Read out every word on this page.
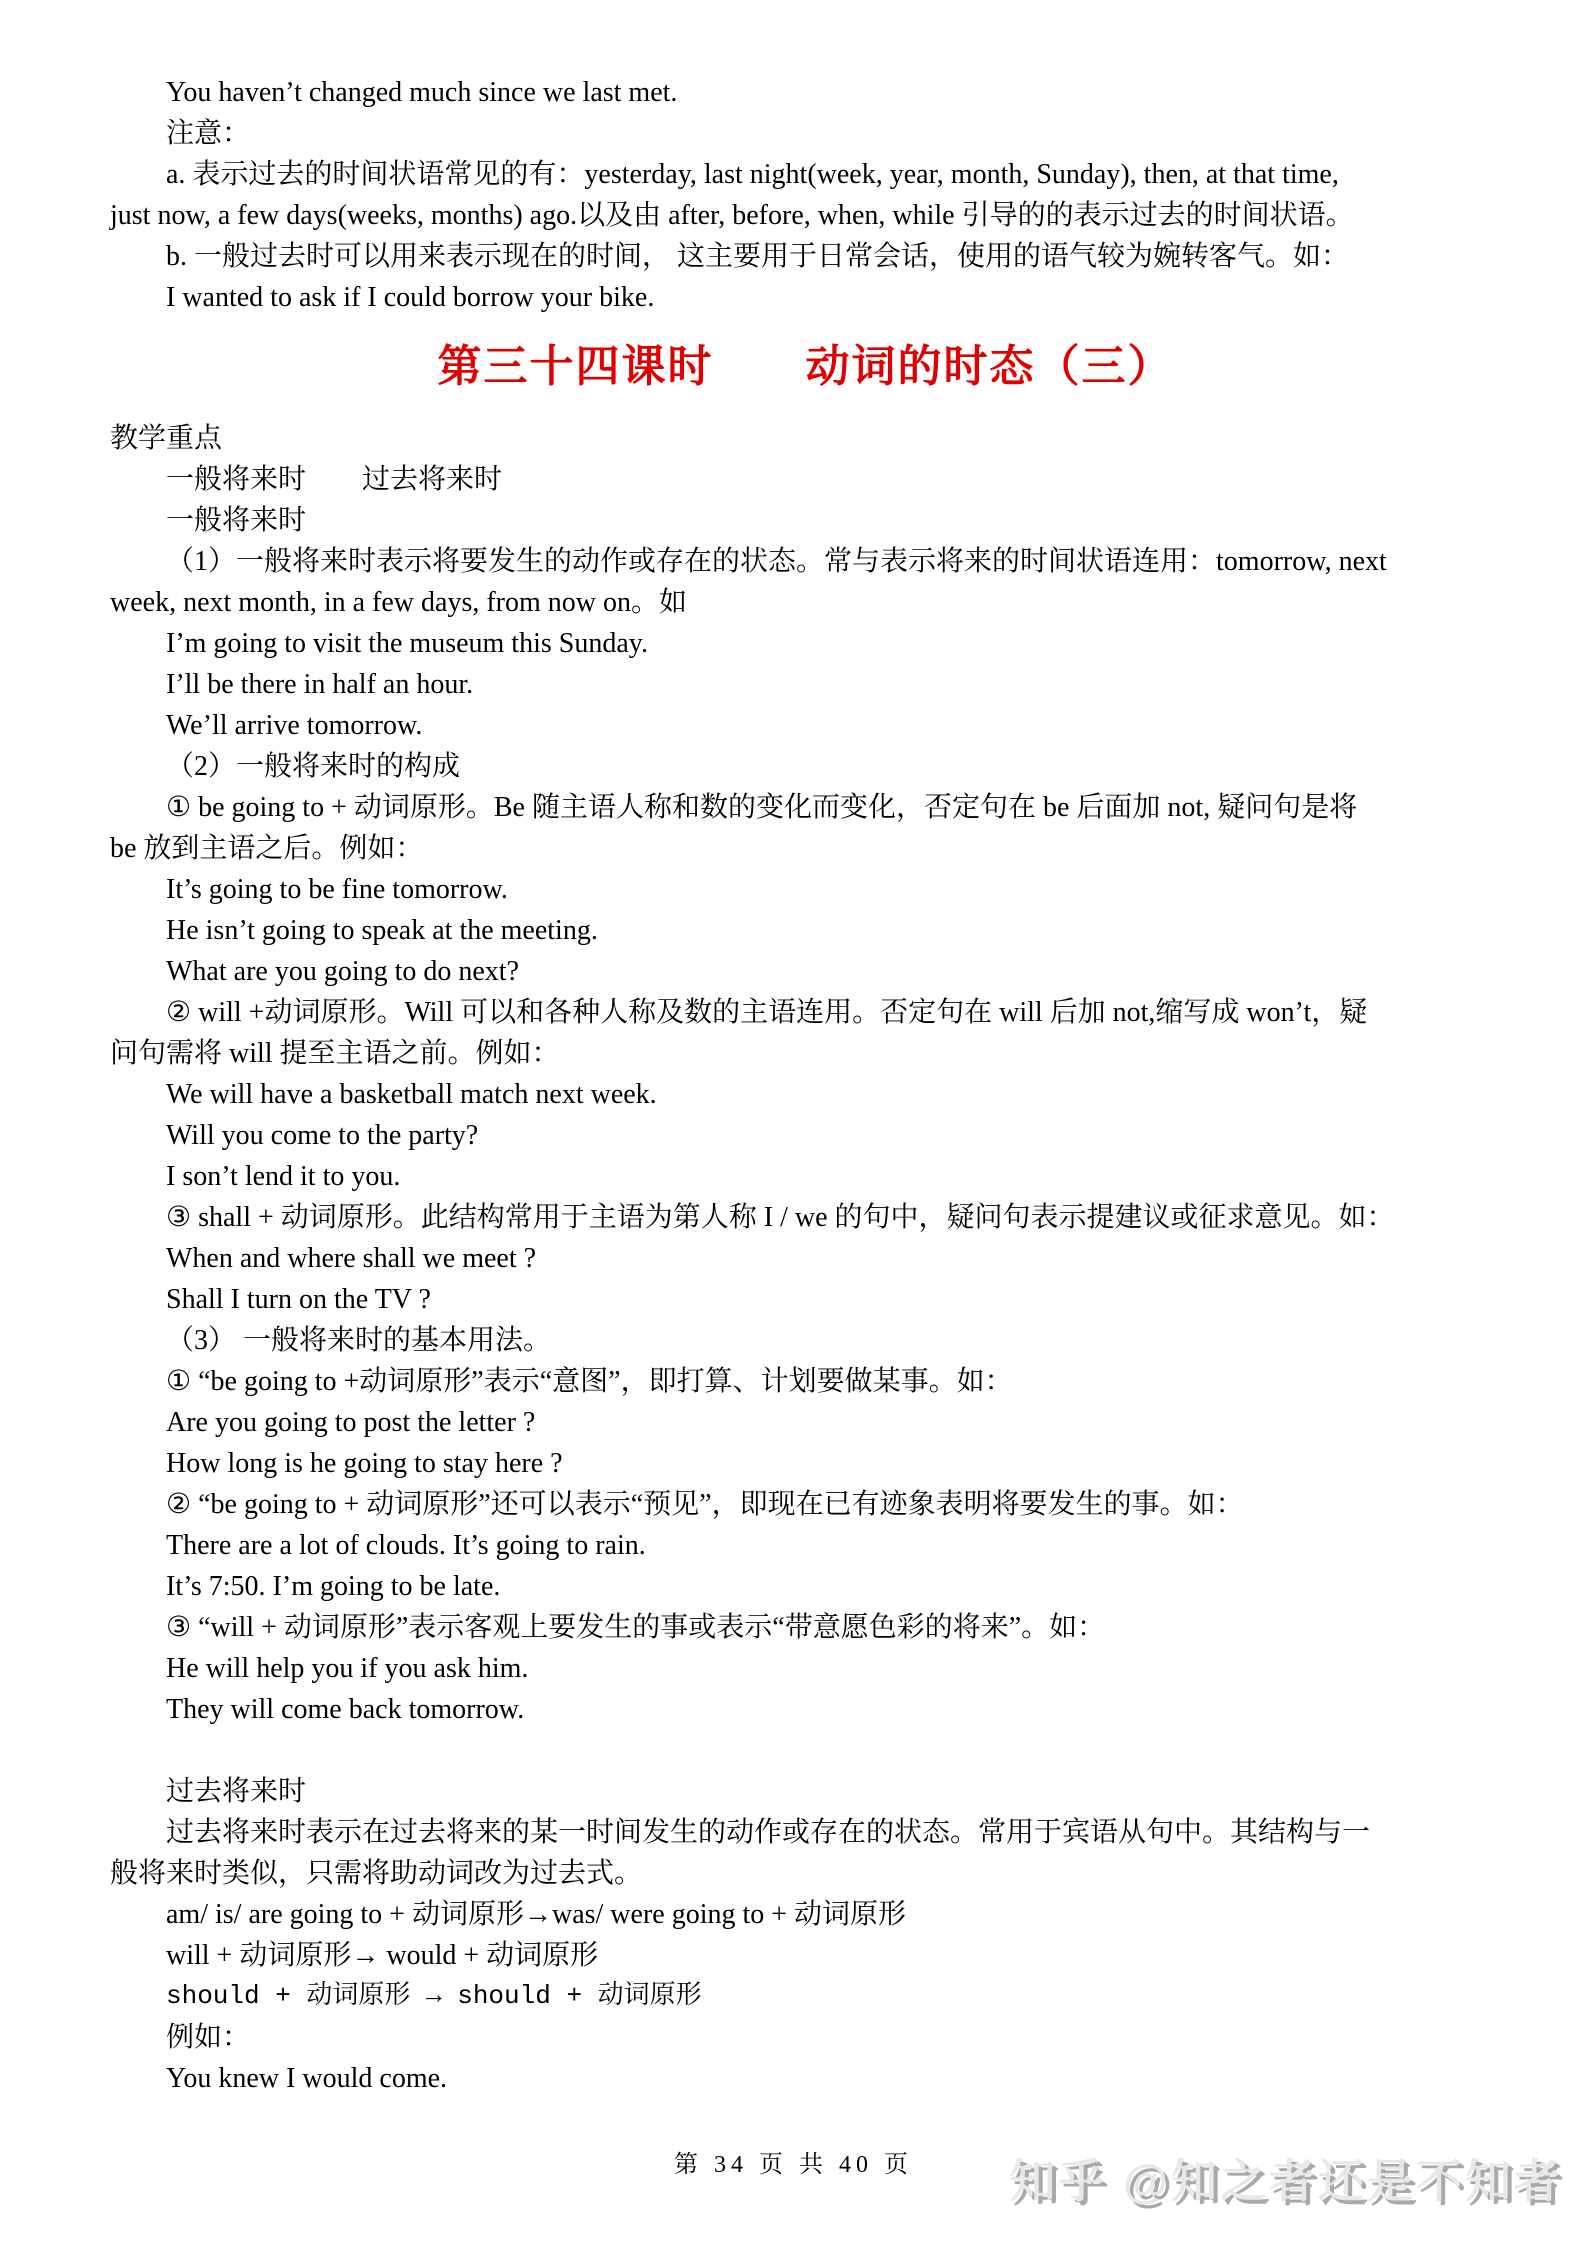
You haven’t changed much since we last met.
注意：
a. 表示过去的时间状语常见的有：yesterday, last night(week, year, month, Sunday), then, at that time,
just now, a few days(weeks, months) ago.以及由 after, before, when, while 引导的的表示过去的时间状语。
b. 一般过去时可以用来表示现在的时间， 这主要用于日常会话，使用的语气较为婉转客气。如：
I wanted to ask if I could borrow your bike.
第三十四课时　　动词的时态（三）
教学重点
一般将来时　　过去将来时
一般将来时
（1）一般将来时表示将要发生的动作或存在的状态。常与表示将来的时间状语连用：tomorrow, next
week, next month, in a few days, from now on。如
I’m going to visit the museum this Sunday.
I’ll be there in half an hour.
We’ll arrive tomorrow.
（2）一般将来时的构成
① be going to + 动词原形。Be 随主语人称和数的变化而变化，否定句在 be 后面加 not, 疑问句是将
be 放到主语之后。例如：
It’s going to be fine tomorrow.
He isn’t going to speak at the meeting.
What are you going to do next?
② will +动词原形。Will 可以和各种人称及数的主语连用。否定句在 will 后加 not,缩写成 won’t，疑
问句需将 will 提至主语之前。例如：
We will have a basketball match next week.
Will you come to the party?
I son’t lend it to you.
③ shall + 动词原形。此结构常用于主语为第人称 I / we 的句中，疑问句表示提建议或征求意见。如：
When and where shall we meet ?
Shall I turn on the TV ?
（3） 一般将来时的基本用法。
① “be going to +动词原形”表示“意图”，即打算、计划要做某事。如：
Are you going to post the letter ?
How long is he going to stay here ?
② “be going to + 动词原形”还可以表示“预见”，即现在已有迹象表明将要发生的事。如：
There are a lot of clouds. It’s going to rain.
It’s 7:50. I’m going to be late.
③ “will + 动词原形”表示客观上要发生的事或表示“带意愿色彩的将来”。如：
He will help you if you ask him.
They will come back tomorrow.
过去将来时
过去将来时表示在过去将来的某一时间发生的动作或存在的状态。常用于宾语从句中。其结构与一
般将来时类似，只需将助动词改为过去式。
am/ is/ are going to + 动词原形→was/ were going to + 动词原形
will + 动词原形→ would + 动词原形
should + 动词原形 → should + 动词原形
例如：
You knew I would come.
第 34 页 共 40 页	知乎 @知之者还是不知者
